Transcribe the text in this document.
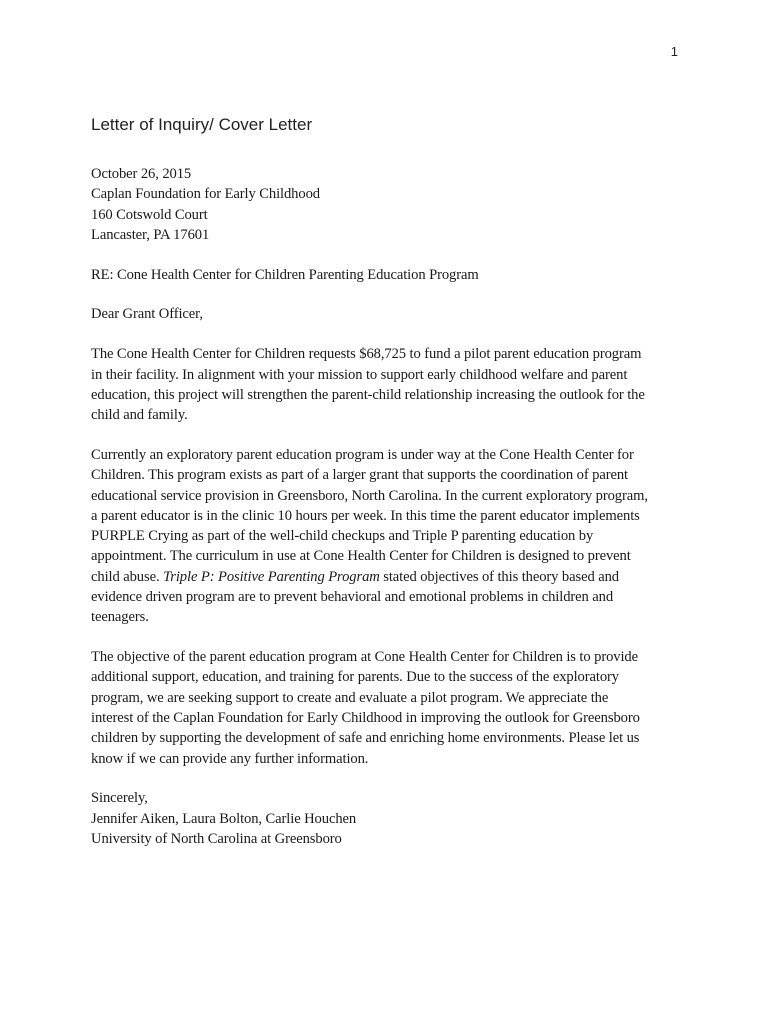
1
Letter of Inquiry/ Cover Letter
October 26, 2015
Caplan Foundation for Early Childhood
160 Cotswold Court
Lancaster, PA 17601
RE: Cone Health Center for Children Parenting Education Program
Dear Grant Officer,
The Cone Health Center for Children requests $68,725 to fund a pilot parent education program
in their facility. In alignment with your mission to support early childhood welfare and parent
education, this project will strengthen the parent-child relationship increasing the outlook for the
child and family.
Currently an exploratory parent education program is under way at the Cone Health Center for
Children. This program exists as part of a larger grant that supports the coordination of parent
educational service provision in Greensboro, North Carolina. In the current exploratory program,
a parent educator is in the clinic 10 hours per week. In this time the parent educator implements
PURPLE Crying as part of the well-child checkups and Triple P parenting education by
appointment. The curriculum in use at Cone Health Center for Children is designed to prevent
child abuse. Triple P: Positive Parenting Program stated objectives of this theory based and
evidence driven program are to prevent behavioral and emotional problems in children and
teenagers.
The objective of the parent education program at Cone Health Center for Children is to provide
additional support, education, and training for parents. Due to the success of the exploratory
program, we are seeking support to create and evaluate a pilot program. We appreciate the
interest of the Caplan Foundation for Early Childhood in improving the outlook for Greensboro
children by supporting the development of safe and enriching home environments. Please let us
know if we can provide any further information.
Sincerely,
Jennifer Aiken, Laura Bolton, Carlie Houchen
University of North Carolina at Greensboro
